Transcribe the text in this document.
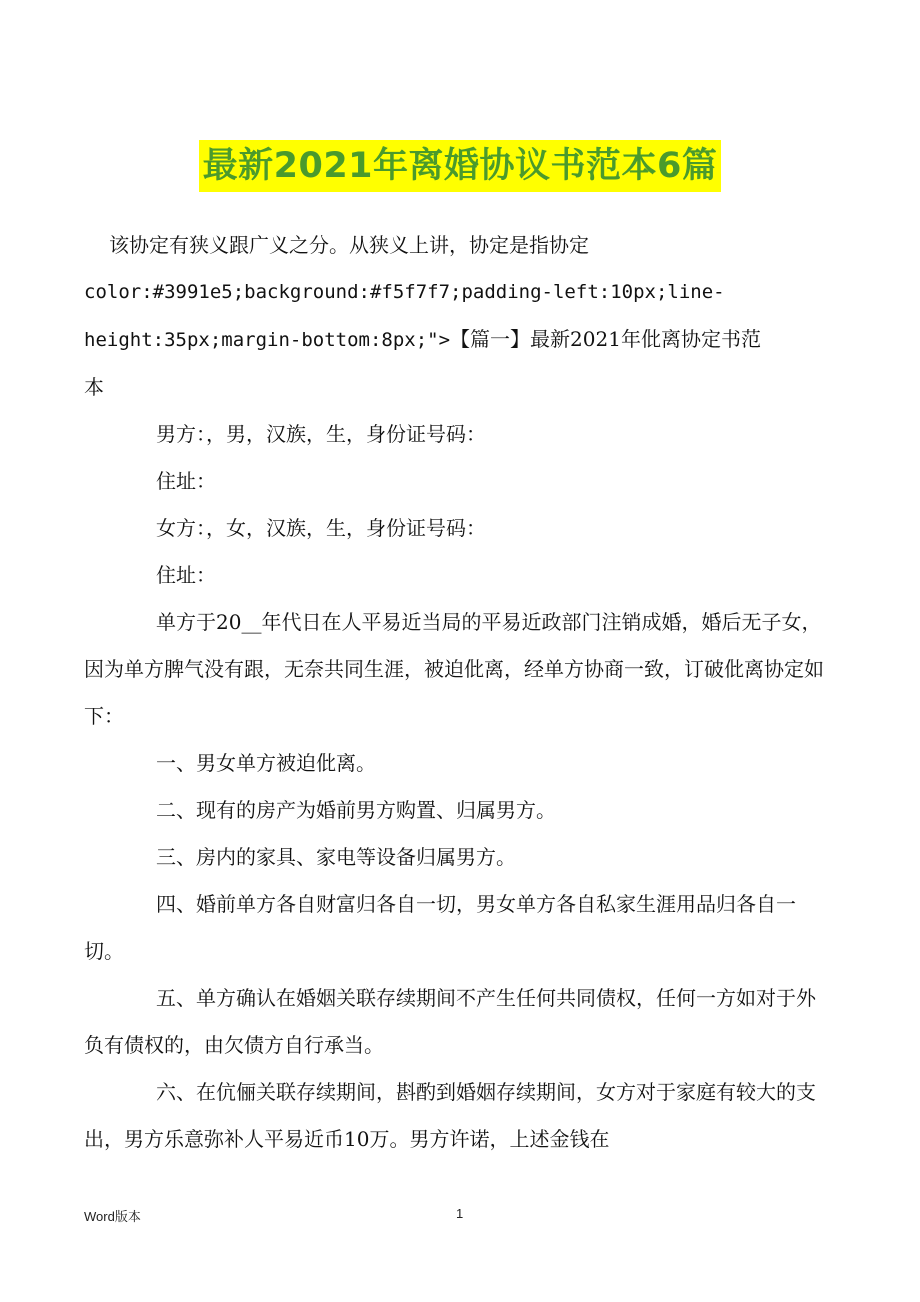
最新2021年离婚协议书范本6篇

该协定有狭义跟广义之分。从狭义上讲，协定是指协定

color:#3991e5;background:#f5f7f7;padding-left:10px;line-

height:35px;margin-bottom:8px;">【篇一】最新2021年仳离协定书范

本

男方：，男，汉族，生，身份证号码：

住址：

女方：，女，汉族，生，身份证号码：

住址：

单方于20__年代日在人平易近当局的平易近政部门注销成婚，婚后无子女，因为单方脾气没有跟，无奈共同生涯，被迫仳离，经单方协商一致，订破仳离协定如下：

一、男女单方被迫仳离。

二、现有的房产为婚前男方购置、归属男方。

三、房内的家具、家电等设备归属男方。

四、婚前单方各自财富归各自一切，男女单方各自私家生涯用品归各自一切。

五、单方确认在婚姻关联存续期间不产生任何共同债权，任何一方如对于外负有债权的，由欠债方自行承当。

六、在伉俪关联存续期间，斟酌到婚姻存续期间，女方对于家庭有较大的支出，男方乐意弥补人平易近币10万。男方许诺，上述金钱在

Word版本	1
